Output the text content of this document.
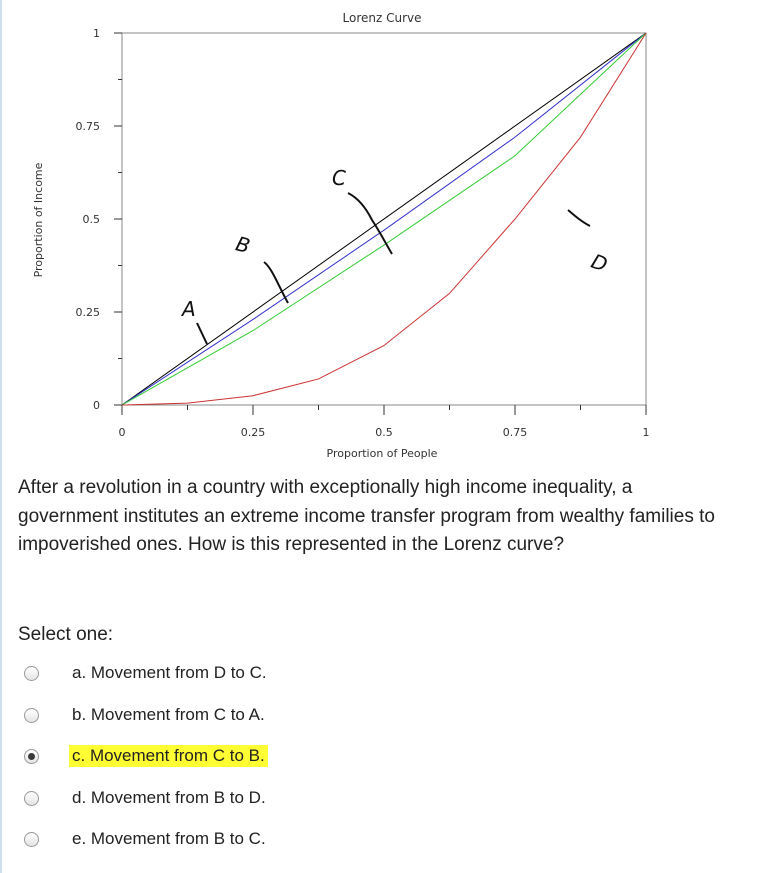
Lorenz Curve
0
0.25
0.5
0.75
1
0	0.25	0.5	0.75	1
A
B
C
D
Proportion of People
Proportion of Income
After a revolution in a country with exceptionally high income inequality, a government institutes an extreme income transfer program from wealthy families to impoverished ones. How is this represented in the Lorenz curve?
Select one:
a. Movement from D to C.
b. Movement from C to A.
c. Movement from C to B.
d. Movement from B to D.
e. Movement from B to C.
